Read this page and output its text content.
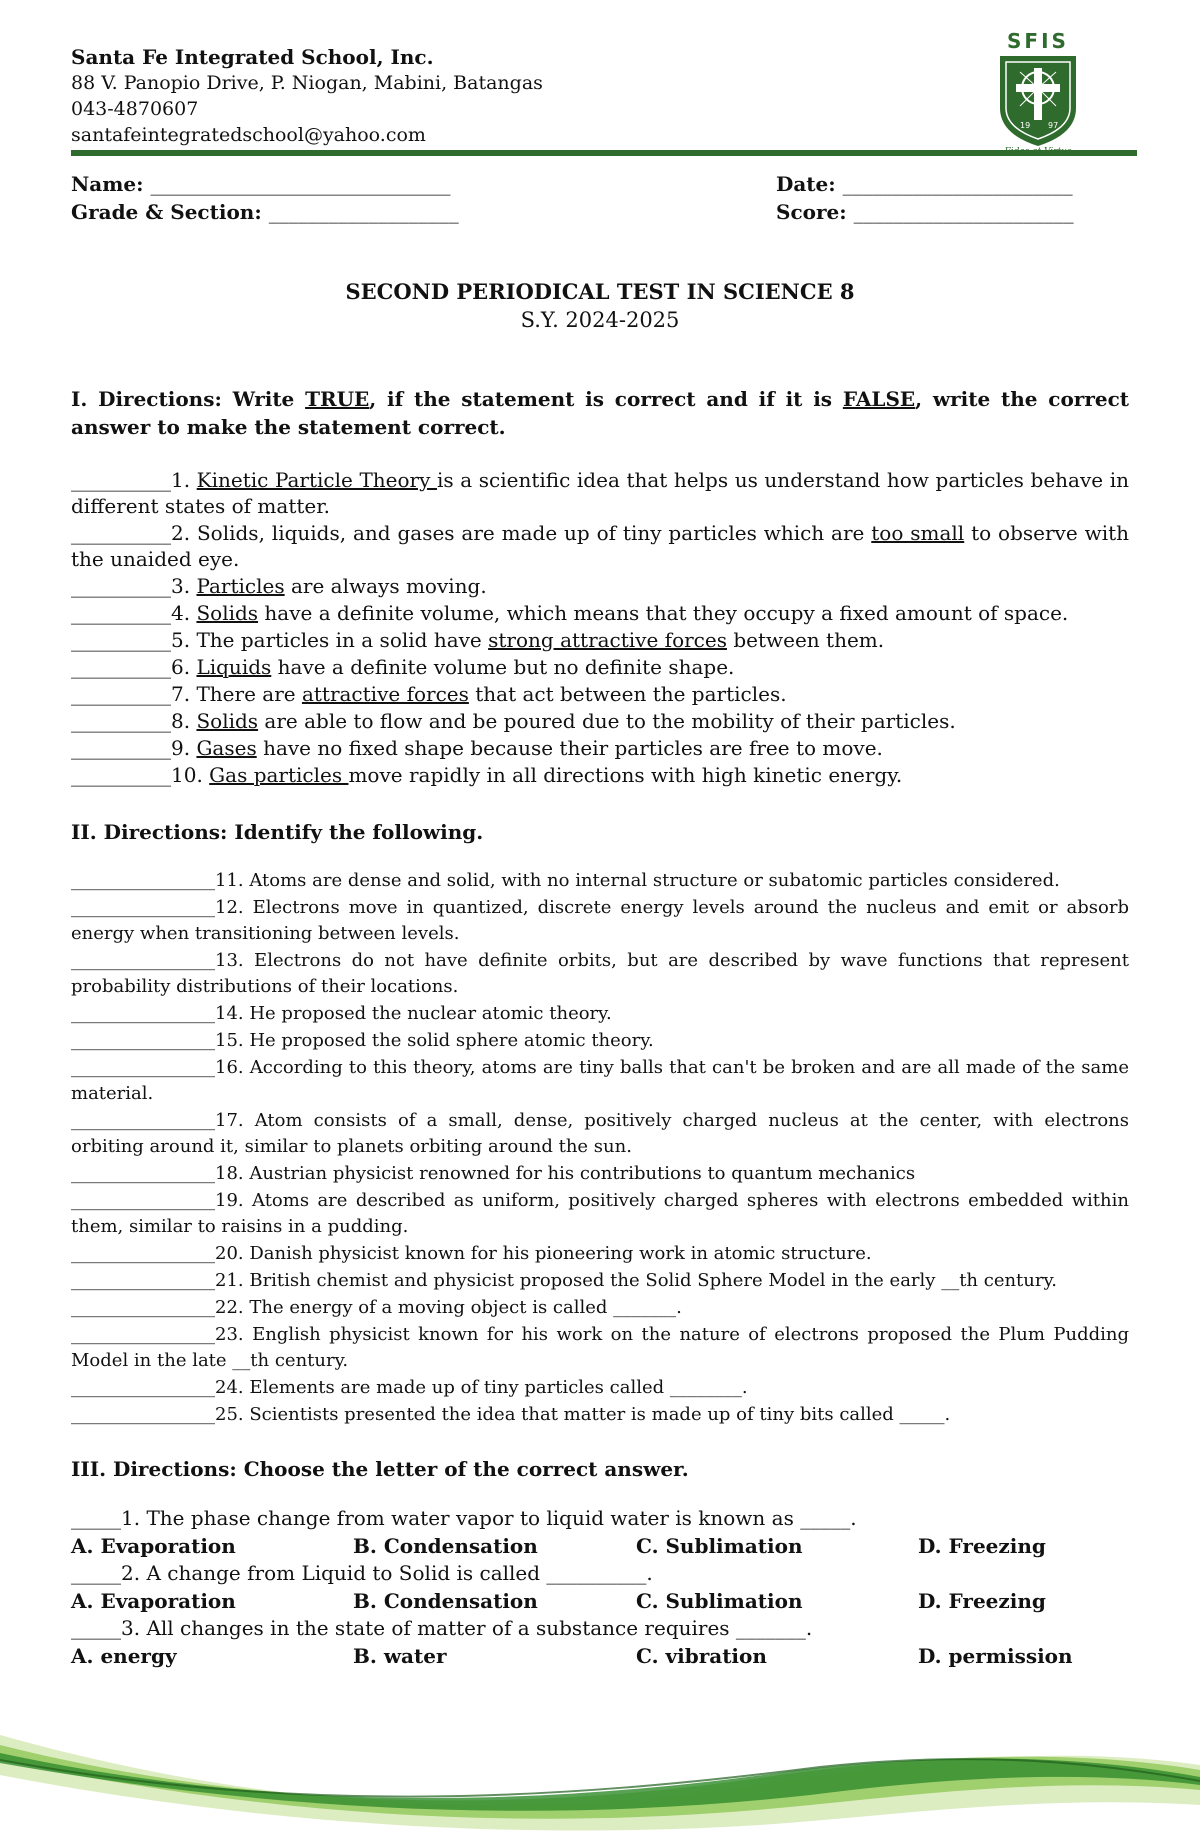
Santa Fe Integrated School, Inc.
88 V. Panopio Drive, P. Niogan, Mabini, Batangas
043-4870607
santafeintegratedschool@yahoo.com
SFIS
19 97
Name: ______________________________
Grade & Section: ___________________
Date: _______________________
Score: ______________________
SECOND PERIODICAL TEST IN SCIENCE 8
S.Y. 2024-2025
I. Directions: Write TRUE, if the statement is correct and if it is FALSE, write the correct answer to make the statement correct.
__________1. Kinetic Particle Theory is a scientific idea that helps us understand how particles behave in different states of matter.
__________2. Solids, liquids, and gases are made up of tiny particles which are too small to observe with the unaided eye.
__________3. Particles are always moving.
__________4. Solids have a definite volume, which means that they occupy a fixed amount of space.
__________5. The particles in a solid have strong attractive forces between them.
__________6. Liquids have a definite volume but no definite shape.
__________7. There are attractive forces that act between the particles.
__________8. Solids are able to flow and be poured due to the mobility of their particles.
__________9. Gases have no fixed shape because their particles are free to move.
__________10. Gas particles move rapidly in all directions with high kinetic energy.
II. Directions: Identify the following.
________________11. Atoms are dense and solid, with no internal structure or subatomic particles considered.
________________12. Electrons move in quantized, discrete energy levels around the nucleus and emit or absorb energy when transitioning between levels.
________________13. Electrons do not have definite orbits, but are described by wave functions that represent probability distributions of their locations.
________________14. He proposed the nuclear atomic theory.
________________15. He proposed the solid sphere atomic theory.
________________16. According to this theory, atoms are tiny balls that can't be broken and are all made of the same material.
________________17. Atom consists of a small, dense, positively charged nucleus at the center, with electrons orbiting around it, similar to planets orbiting around the sun.
________________18. Austrian physicist renowned for his contributions to quantum mechanics
________________19. Atoms are described as uniform, positively charged spheres with electrons embedded within them, similar to raisins in a pudding.
________________20. Danish physicist known for his pioneering work in atomic structure.
________________21. British chemist and physicist proposed the Solid Sphere Model in the early __th century.
________________22. The energy of a moving object is called _______.
________________23. English physicist known for his work on the nature of electrons proposed the Plum Pudding Model in the late __th century.
________________24. Elements are made up of tiny particles called ________.
________________25. Scientists presented the idea that matter is made up of tiny bits called _____.
III. Directions: Choose the letter of the correct answer.
_____1. The phase change from water vapor to liquid water is known as _____.
A. Evaporation	B. Condensation	C. Sublimation	D. Freezing
_____2. A change from Liquid to Solid is called __________.
A. Evaporation	B. Condensation	C. Sublimation	D. Freezing
_____3. All changes in the state of matter of a substance requires _______.
A. energy	B. water	C. vibration	D. permission
